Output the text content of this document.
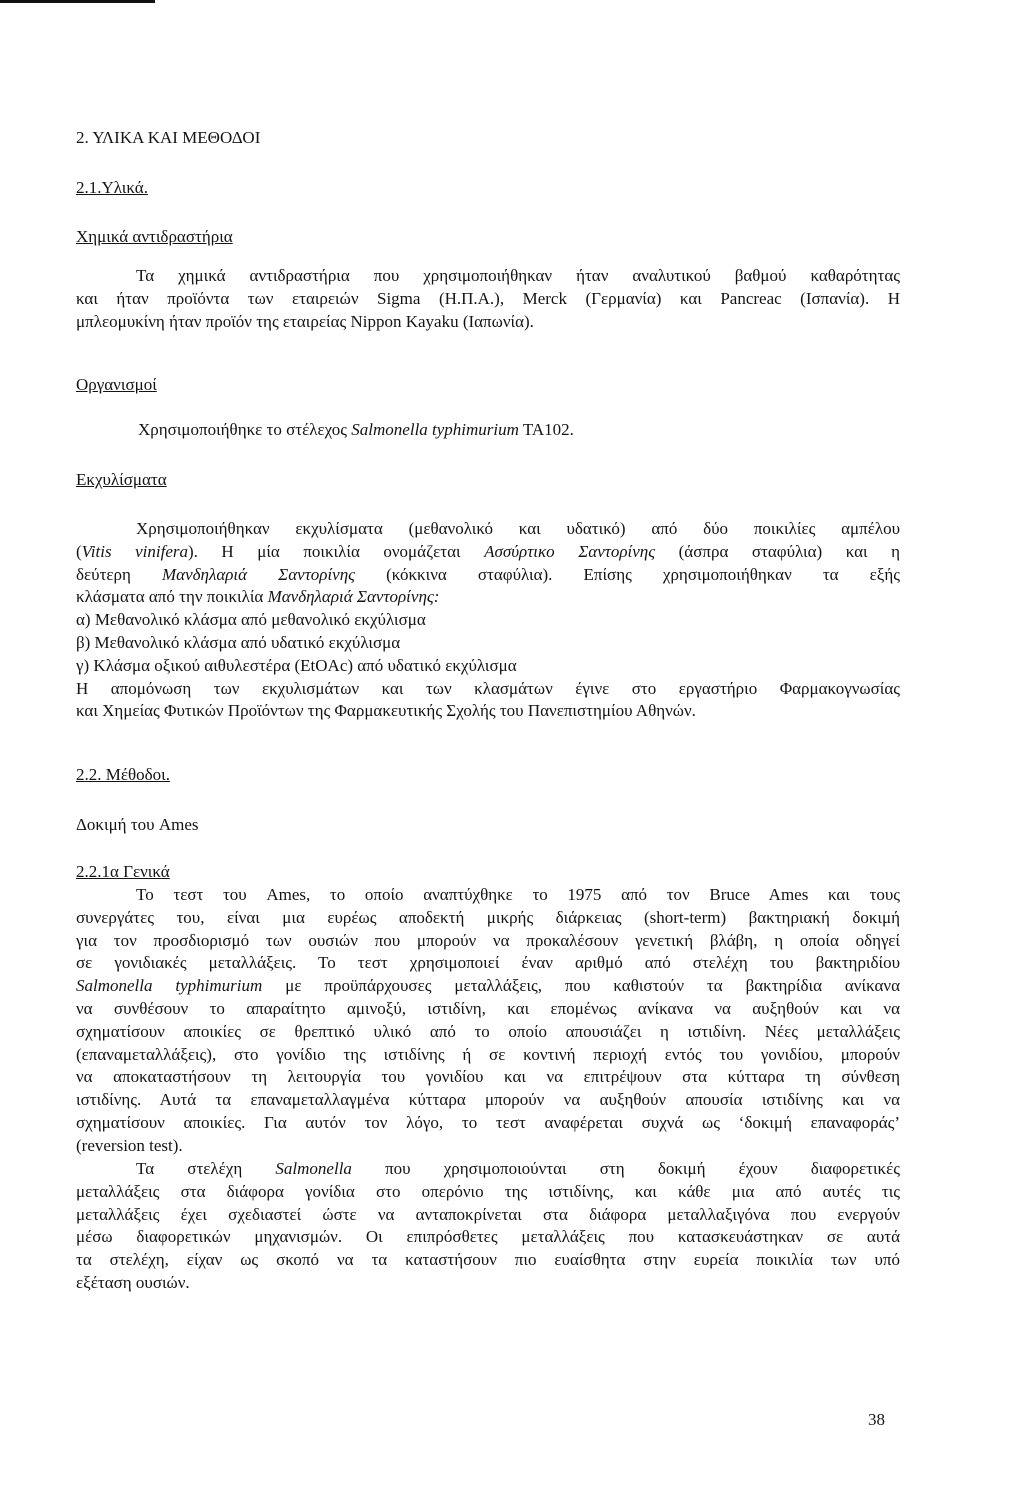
2. ΥΛΙΚΑ ΚΑΙ ΜΕΘΟΔΟΙ
2.1.Υλικά.
Χημικά αντιδραστήρια
Τα χημικά αντιδραστήρια που χρησιμοποιήθηκαν ήταν αναλυτικού βαθμού καθαρότητας
και ήταν προϊόντα των εταιρειών Sigma (Η.Π.Α.), Merck (Γερμανία) και Pancreac (Ισπανία). Η
μπλεομυκίνη ήταν προϊόν της εταιρείας Nippon Kayaku (Ιαπωνία).
Οργανισμοί
Χρησιμοποιήθηκε το στέλεχος Salmonella typhimurium TA102.
Εκχυλίσματα
Χρησιμοποιήθηκαν εκχυλίσματα (μεθανολικό και υδατικό) από δύο ποικιλίες αμπέλου
(Vitis vinifera). Η μία ποικιλία ονομάζεται Ασσύρτικο Σαντορίνης (άσπρα σταφύλια) και η
δεύτερη Μανδηλαριά Σαντορίνης (κόκκινα σταφύλια). Επίσης χρησιμοποιήθηκαν τα εξής
κλάσματα από την ποικιλία Μανδηλαριά Σαντορίνης:
α) Μεθανολικό κλάσμα από μεθανολικό εκχύλισμα
β) Μεθανολικό κλάσμα από υδατικό εκχύλισμα
γ) Κλάσμα οξικού αιθυλεστέρα (EtOAc) από υδατικό εκχύλισμα
Η απομόνωση των εκχυλισμάτων και των κλασμάτων έγινε στο εργαστήριο Φαρμακογνωσίας
και Χημείας Φυτικών Προϊόντων της Φαρμακευτικής Σχολής του Πανεπιστημίου Αθηνών.
2.2. Μέθοδοι.
Δοκιμή του Ames
2.2.1α Γενικά
Το τεστ του Ames, το οποίο αναπτύχθηκε το 1975 από τον Bruce Ames και τους
συνεργάτες του, είναι μια ευρέως αποδεκτή μικρής διάρκειας (short-term) βακτηριακή δοκιμή
για τον προσδιορισμό των ουσιών που μπορούν να προκαλέσουν γενετική βλάβη, η οποία οδηγεί
σε γονιδιακές μεταλλάξεις. Το τεστ χρησιμοποιεί έναν αριθμό από στελέχη του βακτηριδίου
Salmonella typhimurium με προϋπάρχουσες μεταλλάξεις, που καθιστούν τα βακτηρίδια ανίκανα
να συνθέσουν το απαραίτητο αμινοξύ, ιστιδίνη, και επομένως ανίκανα να αυξηθούν και να
σχηματίσουν αποικίες σε θρεπτικό υλικό από το οποίο απουσιάζει η ιστιδίνη. Νέες μεταλλάξεις
(επαναμεταλλάξεις), στο γονίδιο της ιστιδίνης ή σε κοντινή περιοχή εντός του γονιδίου, μπορούν
να αποκαταστήσουν τη λειτουργία του γονιδίου και να επιτρέψουν στα κύτταρα τη σύνθεση
ιστιδίνης. Αυτά τα επαναμεταλλαγμένα κύτταρα μπορούν να αυξηθούν απουσία ιστιδίνης και να
σχηματίσουν αποικίες. Για αυτόν τον λόγο, το τεστ αναφέρεται συχνά ως ‘δοκιμή επαναφοράς’
(reversion test).
Τα στελέχη Salmonella που χρησιμοποιούνται στη δοκιμή έχουν διαφορετικές
μεταλλάξεις στα διάφορα γονίδια στο οπερόνιο της ιστιδίνης, και κάθε μια από αυτές τις
μεταλλάξεις έχει σχεδιαστεί ώστε να ανταποκρίνεται στα διάφορα μεταλλαξιγόνα που ενεργούν
μέσω διαφορετικών μηχανισμών. Οι επιπρόσθετες μεταλλάξεις που κατασκευάστηκαν σε αυτά
τα στελέχη, είχαν ως σκοπό να τα καταστήσουν πιο ευαίσθητα στην ευρεία ποικιλία των υπό
εξέταση ουσιών.
38
